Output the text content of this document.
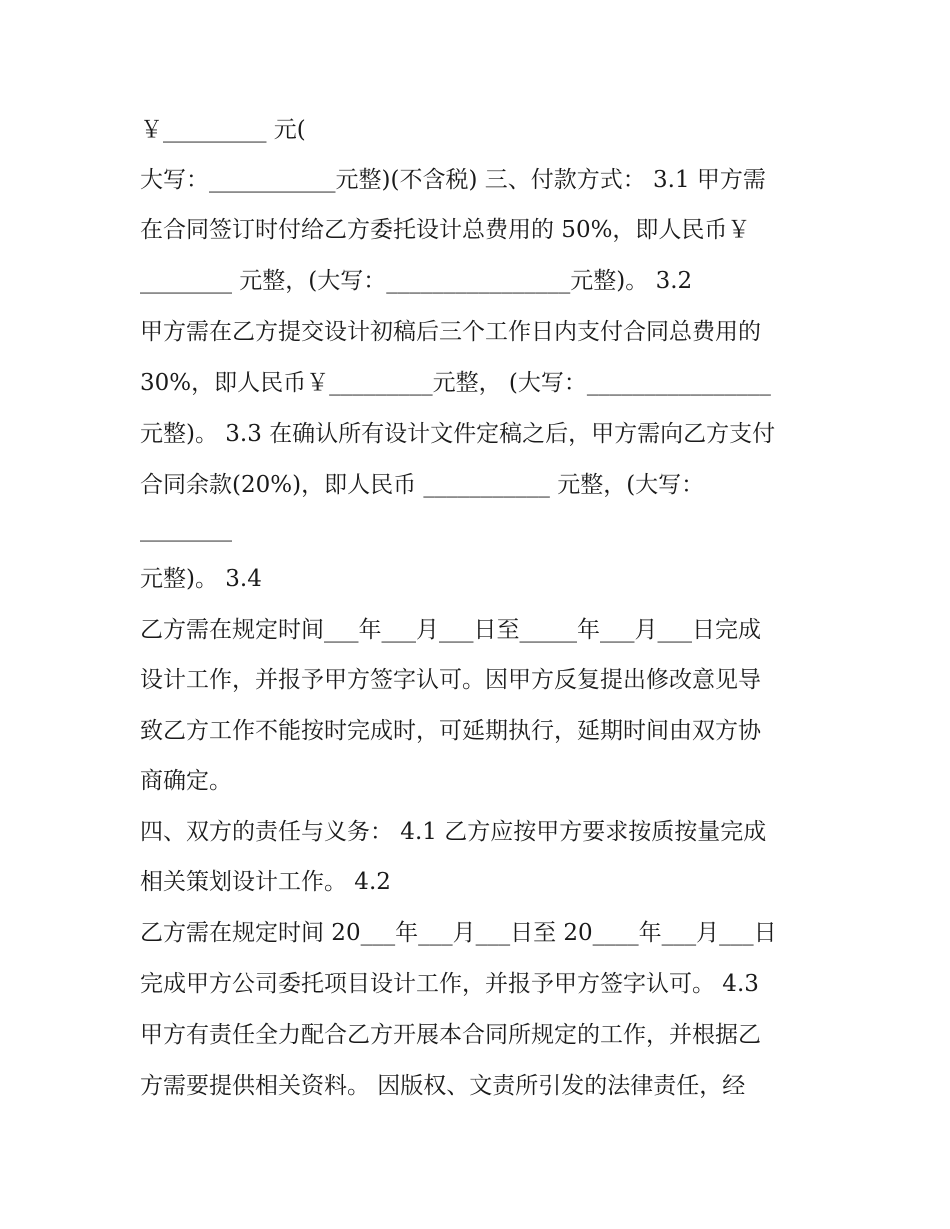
￥_________ 元(
大写：___________元整)(不含税) 三、付款方式： 3.1 甲方需
在合同签订时付给乙方委托设计总费用的 50%，即人民币￥
________ 元整，(大写：________________元整)。 3.2
甲方需在乙方提交设计初稿后三个工作日内支付合同总费用的
30%，即人民币￥_________元整， (大写：________________
元整)。 3.3 在确认所有设计文件定稿之后，甲方需向乙方支付
合同余款(20%)，即人民币 ___________ 元整，(大写：
________
元整)。 3.4
乙方需在规定时间___年___月___日至_____年___月___日完成
设计工作，并报予甲方签字认可。因甲方反复提出修改意见导
致乙方工作不能按时完成时，可延期执行，延期时间由双方协
商确定。
四、双方的责任与义务： 4.1 乙方应按甲方要求按质按量完成
相关策划设计工作。 4.2
乙方需在规定时间 20___年___月___日至 20____年___月___日
完成甲方公司委托项目设计工作，并报予甲方签字认可。 4.3
甲方有责任全力配合乙方开展本合同所规定的工作，并根据乙
方需要提供相关资料。 因版权、文责所引发的法律责任，经
